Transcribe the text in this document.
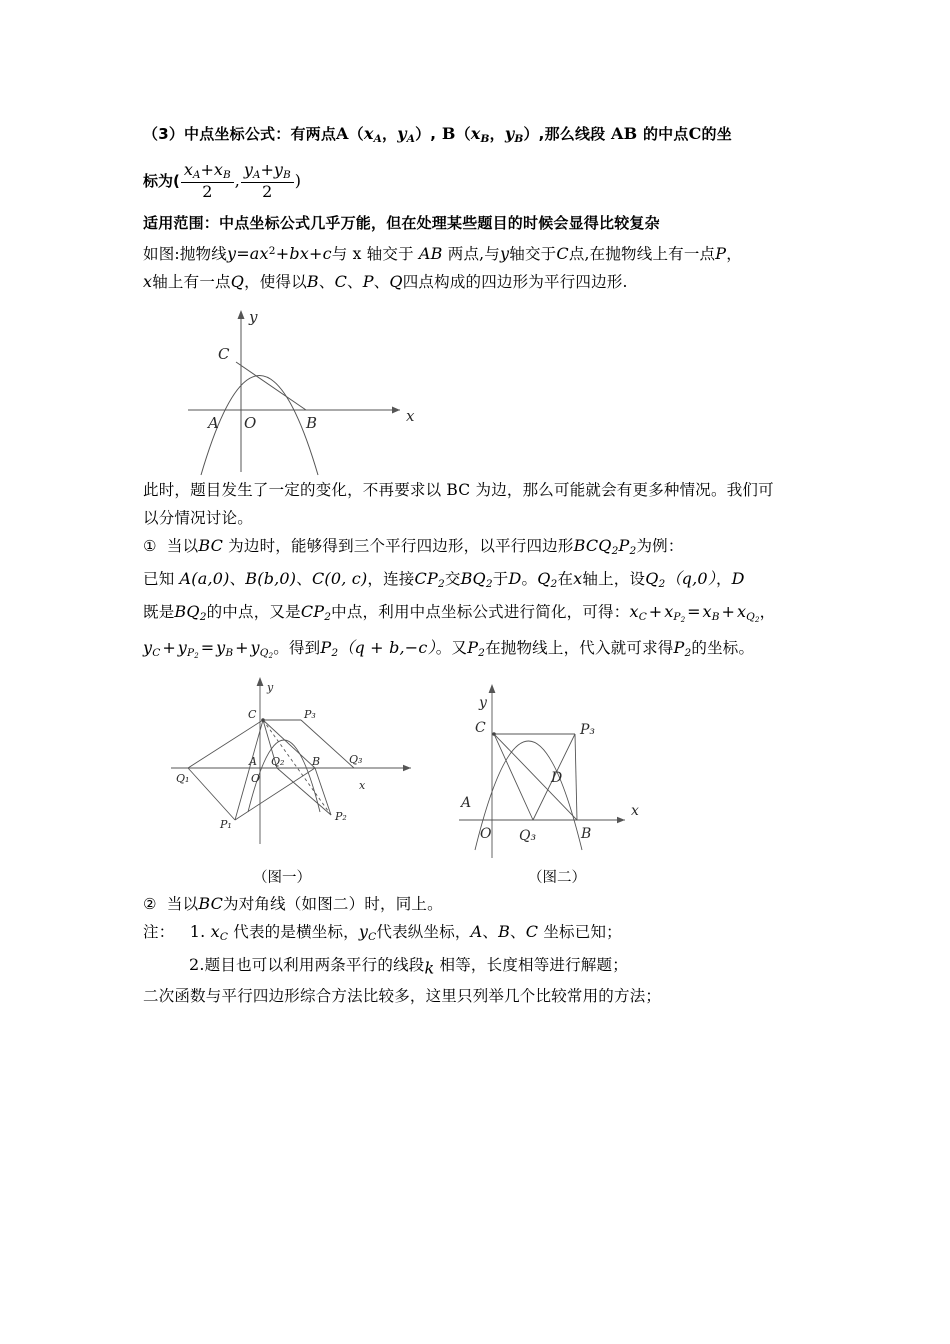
（3）中点坐标公式：有两点$A(x_A$，$y_A$）, $B(x_B$，$y_B$）,那么线段 AB 的中点C的坐
标为( $\frac{x_A+x_B}{2}$ , $\frac{y_A+y_B}{2}$ )
适用范围：中点坐标公式几乎万能，但在处理某些题目的时候会显得比较复杂
如图:抛物线$y=ax^2+bx+c$与 x 轴交于 AB 两点,与y轴交于C点,在抛物线上有一点P，
x轴上有一点Q，使得以B、C、P、Q四点构成的四边形为平行四边形.
y
x
A O	B
C
此时，题目发生了一定的变化，不再要求以 BC 为边，那么可能就会有更多种情况。我们可
以分情况讨论。
① 当以BC 为边时，能够得到三个平行四边形，以平行四边形$BCQ_2P_2$为例：
已知 A(a,0)、B(b,0)、C(0, c)，连接$CP_2$交$BQ_2$于D。$Q_2$在x轴上，设$Q_2(q,0)$，D
既是$BQ_2$的中点，又是$CP_2$中点，利用中点坐标公式进行简化，可得：$x_C$ + $x_{P_2}$ = $x_B$ + $x_{Q_2}$，
$y_C$ + $y_{P_2}$ = $y_B$ + $y_{Q_2}$。得到$P_2(q + b,-c)$。又$P_2$在抛物线上，代入就可求得$P_2$的坐标。
C	P₃
A
O
Q₂	B	Q₃
Q₁
P₁
P₂
y
x
C	P₃
D
A
O Q₃	B
y
x
（图一）	（图二）
② 当以BC为对角线（如图二）时，同上。
注： 1. $x_C$ 代表的是横坐标，$y_C$代表纵坐标，A、B、C 坐标已知；
2.题目也可以利用两条平行的线段k 相等，长度相等进行解题；
二次函数与平行四边形综合方法比较多，这里只列举几个比较常用的方法；
